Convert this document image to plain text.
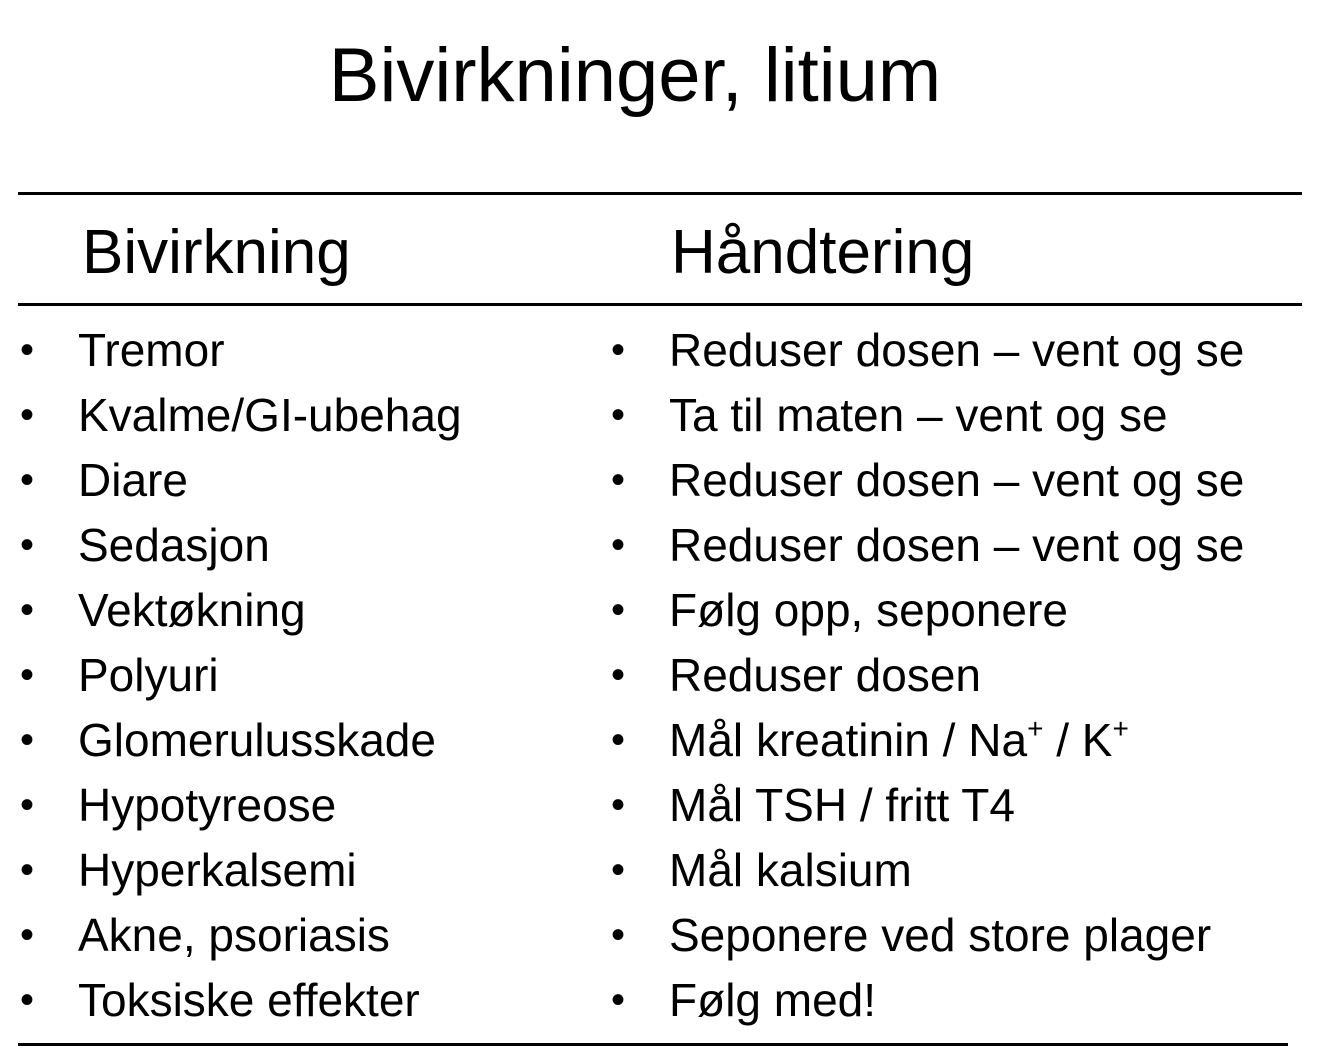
Bivirkninger, litium
Bivirkning	Håndtering
• Tremor
• Kvalme/GI-ubehag
• Diare
• Sedasjon
• Vektøkning
• Polyuri
• Glomerulusskade
• Hypotyreose
• Hyperkalsemi
• Akne, psoriasis
• Toksiske effekter
• Reduser dosen – vent og se
• Ta til maten – vent og se
• Reduser dosen – vent og se
• Reduser dosen – vent og se
• Følg opp, seponere
• Reduser dosen
• Mål kreatinin / Na+ / K+
• Mål TSH / fritt T4
• Mål kalsium
• Seponere ved store plager
• Følg med!
